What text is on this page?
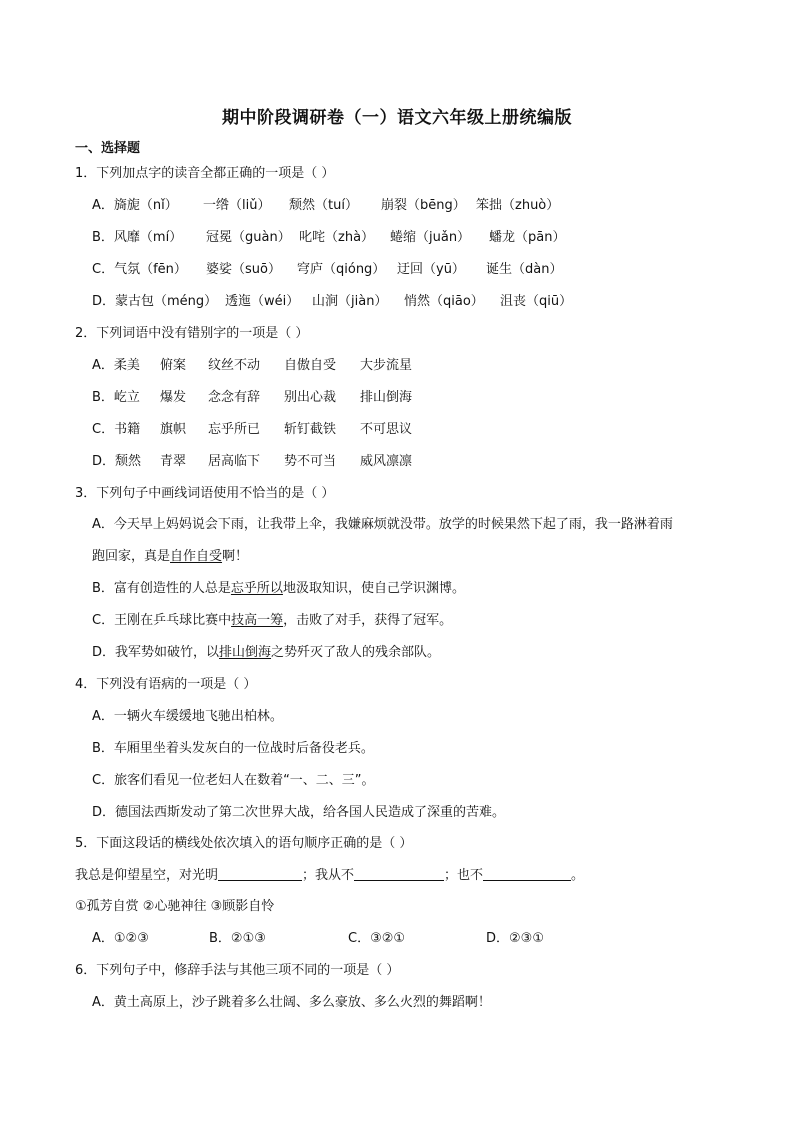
期中阶段调研卷（一）语文六年级上册统编版
一、选择题
1．下列加点字的读音全都正确的一项是（ ）
A．旖旎（nǐ） 一绺（liǔ） 颓然（tuí） 崩裂（bēng） 笨拙（zhuò）
B．风靡（mí） 冠冕（guàn） 叱咤（zhà） 蜷缩（juǎn） 蟠龙（pān）
C．气氛（fēn） 婆娑（suō） 穹庐（qióng） 迂回（yū） 诞生（dàn）
D．蒙古包（méng） 透迤（wéi） 山涧（jiàn） 悄然（qiāo） 沮丧（qiū）
2．下列词语中没有错别字的一项是（ ）
A．柔美 俯案 纹丝不动 自傲自受 大步流星
B．屹立 爆发 念念有辞 别出心裁 排山倒海
C．书籍 旗帜 忘乎所已 斩钉截铁 不可思议
D．颓然 青翠 居高临下 势不可当 威风凛凛
3．下列句子中画线词语使用不恰当的是（ ）
A．今天早上妈妈说会下雨，让我带上伞，我嫌麻烦就没带。放学的时候果然下起了雨，我一路淋着雨
跑回家，真是自作自受啊！
B．富有创造性的人总是忘乎所以地汲取知识，使自己学识渊博。
C．王刚在乒乓球比赛中技高一筹，击败了对手，获得了冠军。
D．我军势如破竹，以排山倒海之势歼灭了敌人的残余部队。
4．下列没有语病的一项是（ ）
A．一辆火车缓缓地飞驰出柏林。
B．车厢里坐着头发灰白的一位战时后备役老兵。
C．旅客们看见一位老妇人在数着“一、二、三”。
D．德国法西斯发动了第二次世界大战，给各国人民造成了深重的苦难。
5．下面这段话的横线处依次填入的语句顺序正确的是（ ）
我总是仰望星空，对光明	；我从不	；也不	。
①孤芳自赏 ②心驰神往 ③顾影自怜
A．①②③	B．②①③	C．③②①	D．②③①
6．下列句子中，修辞手法与其他三项不同的一项是（ ）
A．黄土高原上，沙子跳着多么壮阔、多么豪放、多么火烈的舞蹈啊！
